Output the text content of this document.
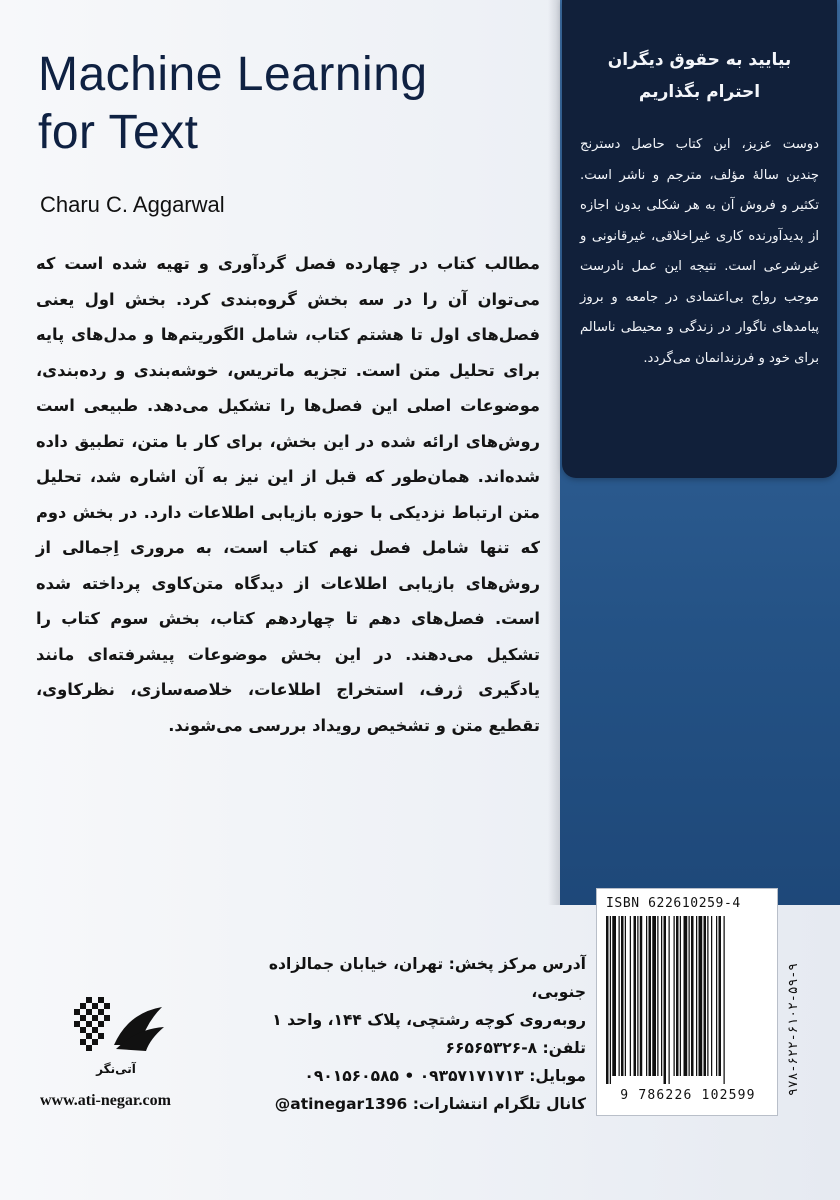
بیایید به حقوق دیگران
احترام بگذاریم
دوست عزیز، این کتاب حاصل دسترنج چندین سالهٔ مؤلف، مترجم و ناشر است. تکثیر و فروش آن به هر شکلی بدون اجازه از پدیدآورنده کاری غیراخلاقی، غیرقانونی و غیرشرعی است. نتیجه این عمل نادرست موجب رواج بی‌اعتمادی در جامعه و بروز پیامدهای ناگوار در زندگی و محیطی ناسالم برای خود و فرزندانمان می‌گردد.
Machine Learning
for Text
Charu C. Aggarwal
مطالب کتاب در چهارده فصل گردآوری و تهیه شده است که می‌توان آن را در سه بخش گروه‌بندی کرد. بخش اول یعنی فصل‌های اول تا هشتم کتاب، شامل الگوریتم‌ها و مدل‌های پایه برای تحلیل متن است. تجزیه ماتریس، خوشه‌بندی و رده‌بندی، موضوعات اصلی این فصل‌ها را تشکیل می‌دهد. طبیعی است روش‌های ارائه شده در این بخش، برای کار با متن، تطبیق داده شده‌اند. همان‌طور که قبل از این نیز به آن اشاره شد، تحلیل متن ارتباط نزدیکی با حوزه بازیابی اطلاعات دارد. در بخش دوم که تنها شامل فصل نهم کتاب است، به مروری اِجمالی از روش‌های بازیابی اطلاعات از دیدگاه متن‌کاوی پرداخته شده است. فصل‌های دهم تا چهاردهم کتاب، بخش سوم کتاب را تشکیل می‌دهند. در این بخش موضوعات پیشرفته‌ای مانند یادگیری ژرف، استخراج اطلاعات، خلاصه‌سازی، نظرکاوی، تقطیع متن و تشخیص رویداد بررسی می‌شوند.
ISBN 622610259-4
9 786226 102599	۹۷۸-۶۲۲-۶۱۰۲-۵۹-۹
آدرس مرکز پخش: تهران، خیابان جمالزاده جنوبی،
روبه‌روی کوچه رشتچی، پلاک ۱۴۴، واحد ۱
تلفن: ۸-۶۶۵۶۵۳۲۶
موبایل: ۰۹۳۵۷۱۷۱۷۱۳ • ۰۹۰۱۵۶۰۵۸۵
کانال تلگرام انتشارات: @atinegar1396
آتی‌نگر
www.ati-negar.com
